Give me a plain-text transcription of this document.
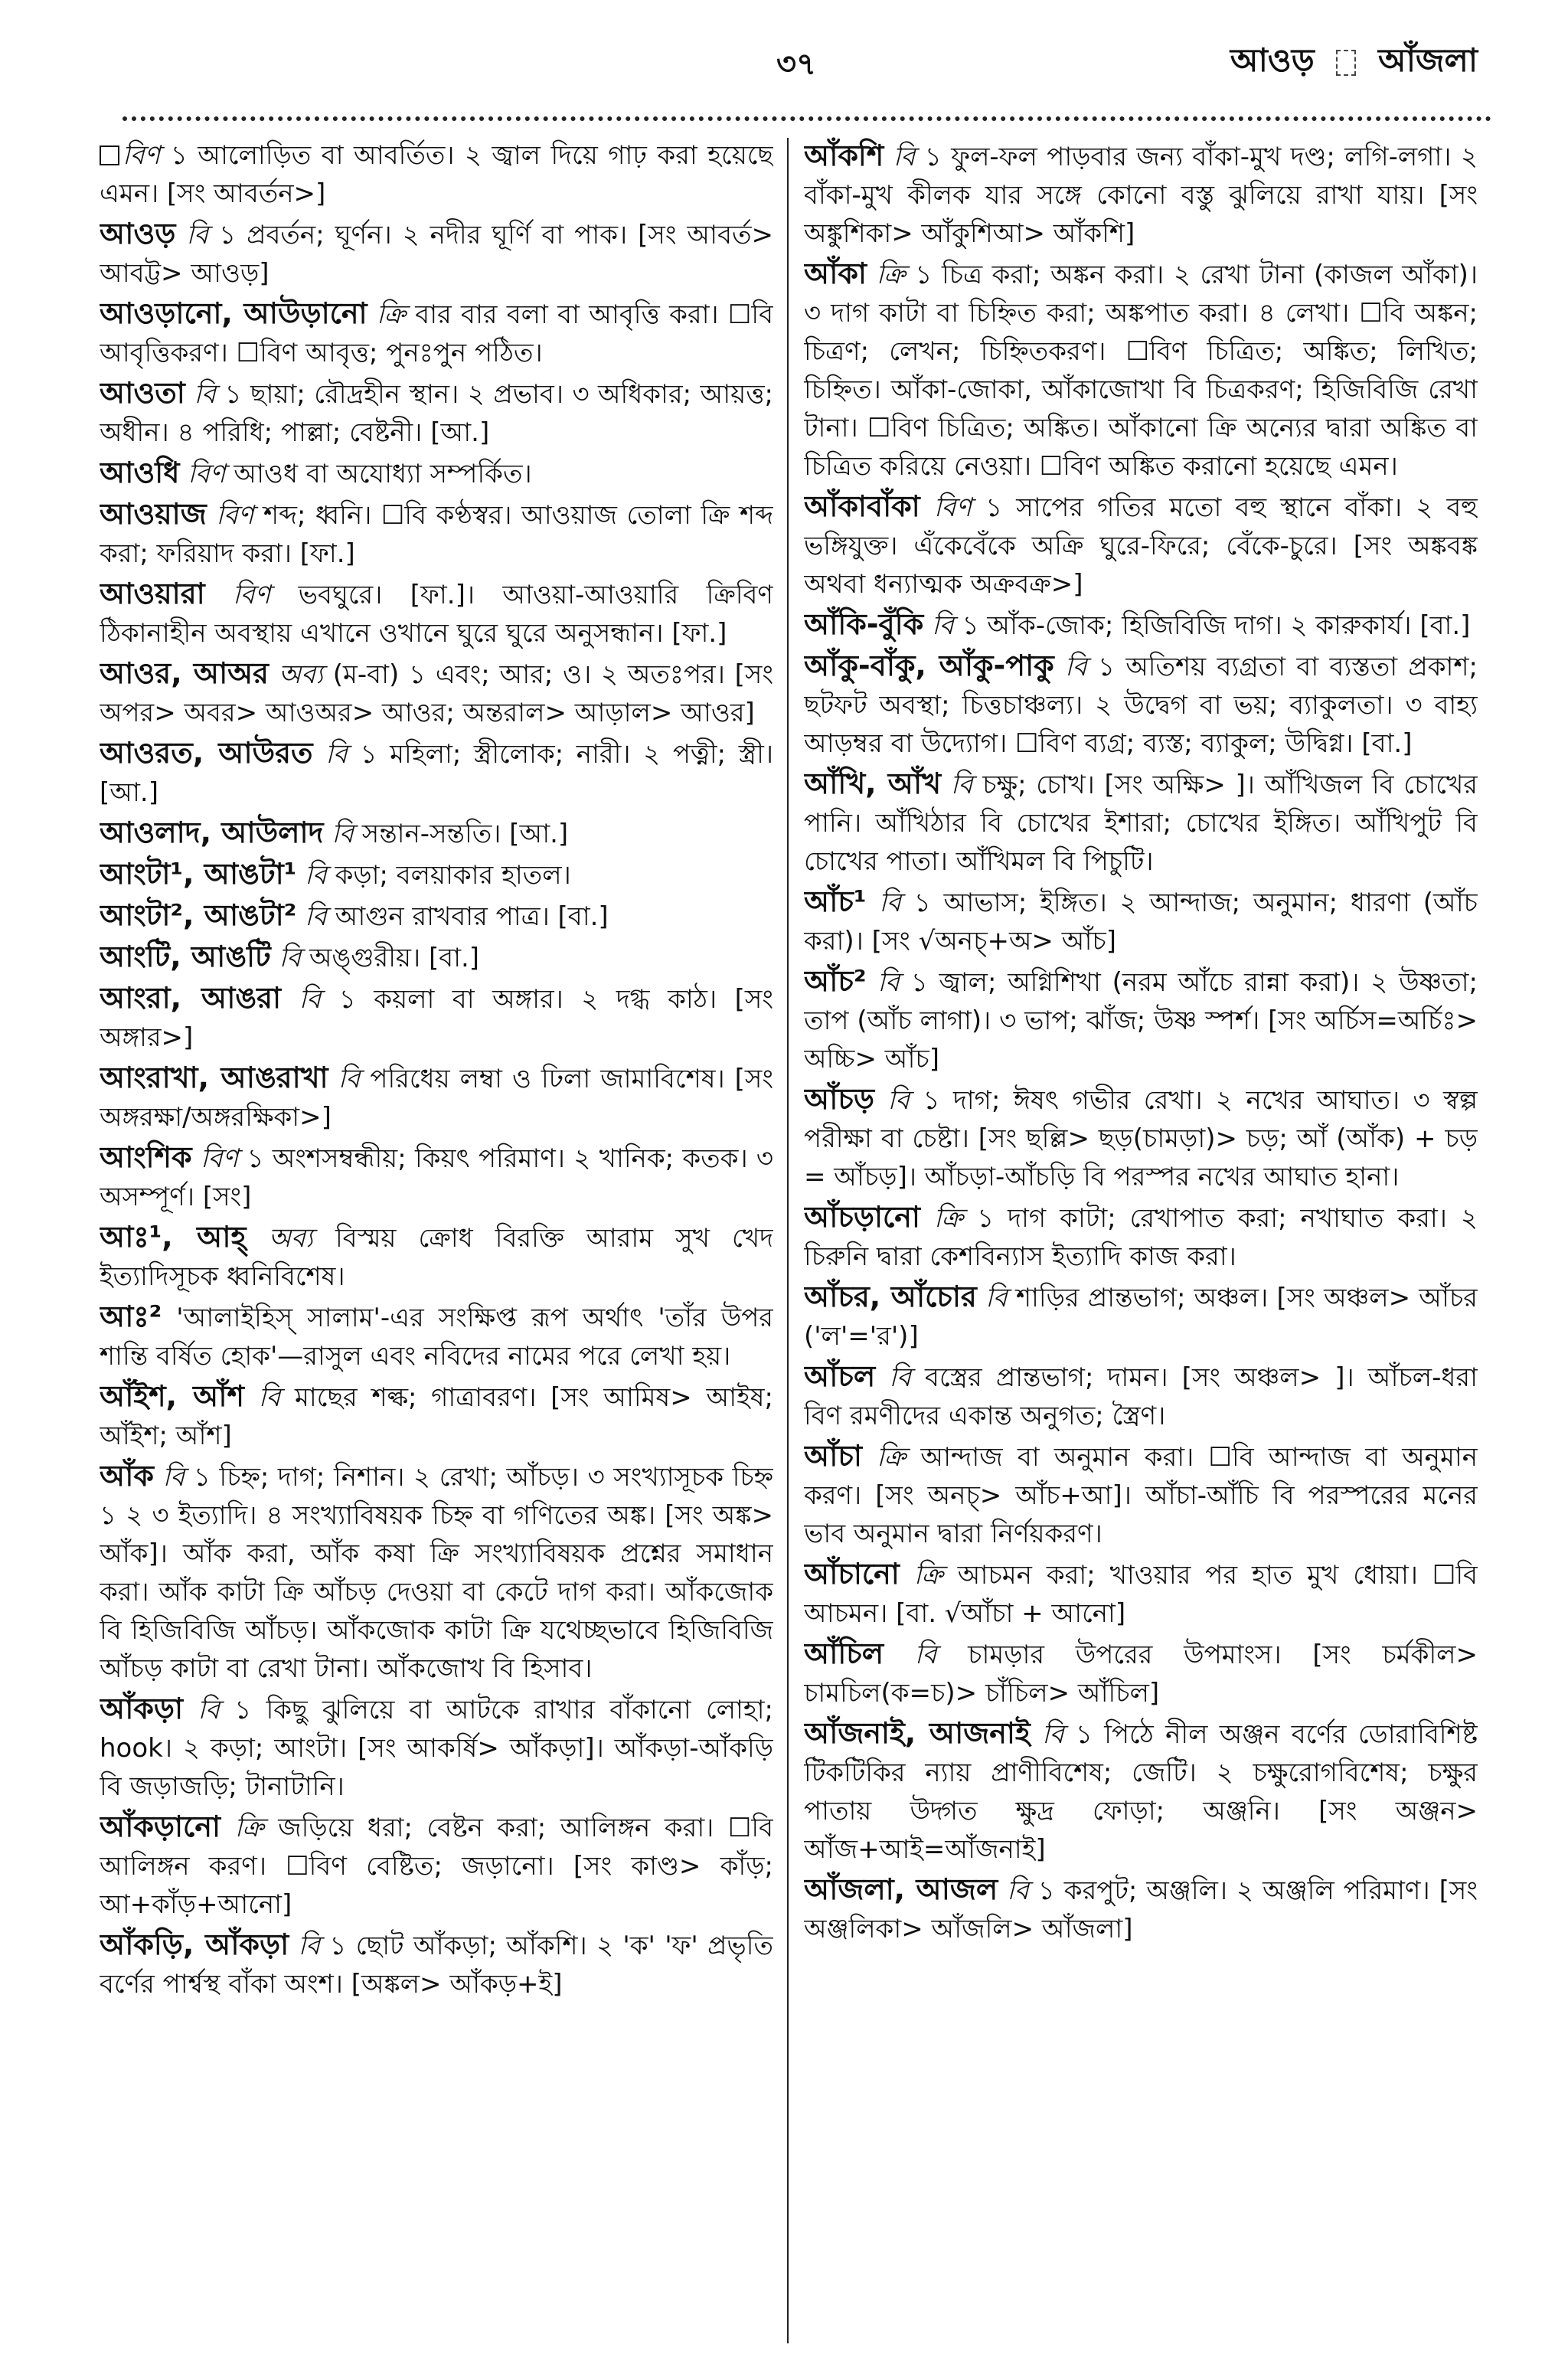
৩৭	আওড় আঁজলা

বিণ ১ আলোড়িত বা আবর্তিত। ২ জ্বাল দিয়ে গাঢ় করা হয়েছে এমন। [সং আবর্তন>]

আওড় বি ১ প্রবর্তন; ঘূর্ণন। ২ নদীর ঘূর্ণি বা পাক। [সং আবর্ত> আবট্ট> আওড়]

আওড়ানো, আউড়ানো ক্রি বার বার বলা বা আবৃত্তি করা। ☐বি আবৃত্তিকরণ। ☐বিণ আবৃত্ত; পুনঃপুন পঠিত।

আওতা বি ১ ছায়া; রৌদ্রহীন স্থান। ২ প্রভাব। ৩ অধিকার; আয়ত্ত; অধীন। ৪ পরিধি; পাল্লা; বেষ্টনী। [আ.]

আওধি বিণ আওধ বা অযোধ্যা সম্পর্কিত।

আওয়াজ বিণ শব্দ; ধ্বনি। ☐বি কণ্ঠস্বর। আওয়াজ তোলা ক্রি শব্দ করা; ফরিয়াদ করা। [ফা.]

আওয়ারা বিণ ভবঘুরে। [ফা.]। আওয়া-আওয়ারি ক্রিবিণ ঠিকানাহীন অবস্থায় এখানে ওখানে ঘুরে ঘুরে অনুসন্ধান। [ফা.]

আওর, আঅর অব্য (ম-বা) ১ এবং; আর; ও। ২ অতঃপর। [সং অপর> অবর> আওঅর> আওর; অন্তরাল> আড়াল> আওর]

আওরত, আউরত বি ১ মহিলা; স্ত্রীলোক; নারী। ২ পত্নী; স্ত্রী। [আ.]

আওলাদ, আউলাদ বি সন্তান-সন্ততি। [আ.]

আংটা¹, আঙটা¹ বি কড়া; বলয়াকার হাতল।

আংটা², আঙটা² বি আগুন রাখবার পাত্র। [বা.]

আংটি, আঙটি বি অঙ্গুরীয়। [বা.]

আংরা, আঙরা বি ১ কয়লা বা অঙ্গার। ২ দগ্ধ কাঠ। [সং অঙ্গার>]

আংরাখা, আঙরাখা বি পরিধেয় লম্বা ও ঢিলা জামাবিশেষ। [সং অঙ্গরক্ষা/অঙ্গরক্ষিকা>]

আংশিক বিণ ১ অংশসম্বন্ধীয়; কিয়ৎ পরিমাণ। ২ খানিক; কতক। ৩ অসম্পূর্ণ। [সং]

আঃ¹, আহ্ অব্য বিস্ময় ক্রোধ বিরক্তি আরাম সুখ খেদ ইত্যাদিসূচক ধ্বনিবিশেষ।

আঃ² 'আলাইহিস্ সালাম'-এর সংক্ষিপ্ত রূপ অর্থাৎ 'তাঁর উপর শান্তি বর্ষিত হোক'—রাসুল এবং নবিদের নামের পরে লেখা হয়।

আঁইশ, আঁশ বি মাছের শল্ক; গাত্রাবরণ। [সং আমিষ> আইষ; আঁইশ; আঁশ]

আঁক বি ১ চিহ্ন; দাগ; নিশান। ২ রেখা; আঁচড়। ৩ সংখ্যাসূচক চিহ্ন ১ ২ ৩ ইত্যাদি। ৪ সংখ্যাবিষয়ক চিহ্ন বা গণিতের অঙ্ক। [সং অঙ্ক> আঁক]। আঁক করা, আঁক কষা ক্রি সংখ্যাবিষয়ক প্রশ্নের সমাধান করা। আঁক কাটা ক্রি আঁচড় দেওয়া বা কেটে দাগ করা। আঁকজোক বি হিজিবিজি আঁচড়। আঁকজোক কাটা ক্রি যথেচ্ছভাবে হিজিবিজি আঁচড় কাটা বা রেখা টানা। আঁকজোখ বি হিসাব।

আঁকড়া বি ১ কিছু ঝুলিয়ে বা আটকে রাখার বাঁকানো লোহা; hook। ২ কড়া; আংটা। [সং আকর্ষি> আঁকড়া]। আঁকড়া-আঁকড়ি বি জড়াজড়ি; টানাটানি।

আঁকড়ানো ক্রি জড়িয়ে ধরা; বেষ্টন করা; আলিঙ্গন করা। ☐বি আলিঙ্গন করণ। ☐বিণ বেষ্টিত; জড়ানো। [সং কাণ্ড> কাঁড়; আ+কাঁড়+আনো]

আঁকড়ি, আঁকড়া বি ১ ছোট আঁকড়া; আঁকশি। ২ 'ক' 'ফ' প্রভৃতি বর্ণের পার্শ্বস্থ বাঁকা অংশ। [অঙ্কল> আঁকড়+ই]

আঁকশি বি ১ ফুল-ফল পাড়বার জন্য বাঁকা-মুখ দণ্ড; লগি-লগা। ২ বাঁকা-মুখ কীলক যার সঙ্গে কোনো বস্তু ঝুলিয়ে রাখা যায়। [সং অঙ্কুশিকা> আঁকুশিআ> আঁকশি]

আঁকা ক্রি ১ চিত্র করা; অঙ্কন করা। ২ রেখা টানা (কাজল আঁকা)। ৩ দাগ কাটা বা চিহ্নিত করা; অঙ্কপাত করা। ৪ লেখা। ☐বি অঙ্কন; চিত্রণ; লেখন; চিহ্নিতকরণ। ☐বিণ চিত্রিত; অঙ্কিত; লিখিত; চিহ্নিত। আঁকা-জোকা, আঁকাজোখা বি চিত্রকরণ; হিজিবিজি রেখা টানা। ☐বিণ চিত্রিত; অঙ্কিত। আঁকানো ক্রি অন্যের দ্বারা অঙ্কিত বা চিত্রিত করিয়ে নেওয়া। ☐বিণ অঙ্কিত করানো হয়েছে এমন।

আঁকাবাঁকা বিণ ১ সাপের গতির মতো বহু স্থানে বাঁকা। ২ বহু ভঙ্গিযুক্ত। এঁকেবেঁকে অক্রি ঘুরে-ফিরে; বেঁকে-চুরে। [সং অঙ্কবঙ্ক অথবা ধন্যাত্মক অক্রবক্র>]

আঁকি-বুঁকি বি ১ আঁক-জোক; হিজিবিজি দাগ। ২ কারুকার্য। [বা.]

আঁকু-বাঁকু, আঁকু-পাকু বি ১ অতিশয় ব্যগ্রতা বা ব্যস্ততা প্রকাশ; ছটফট অবস্থা; চিত্তচাঞ্চল্য। ২ উদ্বেগ বা ভয়; ব্যাকুলতা। ৩ বাহ্য আড়ম্বর বা উদ্যোগ। ☐বিণ ব্যগ্র; ব্যস্ত; ব্যাকুল; উদ্বিগ্ন। [বা.]

আঁখি, আঁখ বি চক্ষু; চোখ। [সং অক্ষি> ]। আঁখিজল বি চোখের পানি। আঁখিঠার বি চোখের ইশারা; চোখের ইঙ্গিত। আঁখিপুট বি চোখের পাতা। আঁখিমল বি পিচুটি।

আঁচ¹ বি ১ আভাস; ইঙ্গিত। ২ আন্দাজ; অনুমান; ধারণা (আঁচ করা)। [সং √অনচ্+অ> আঁচ]

আঁচ² বি ১ জ্বাল; অগ্নিশিখা (নরম আঁচে রান্না করা)। ২ উষ্ণতা; তাপ (আঁচ লাগা)। ৩ ভাপ; ঝাঁজ; উষ্ণ স্পর্শ। [সং অর্চিস=অর্চিঃ> অচ্চি> আঁচ]

আঁচড় বি ১ দাগ; ঈষৎ গভীর রেখা। ২ নখের আঘাত। ৩ স্বল্প পরীক্ষা বা চেষ্টা। [সং ছল্লি> ছড়(চামড়া)> চড়; আঁ (আঁক) + চড় = আঁচড়]। আঁচড়া-আঁচড়ি বি পরস্পর নখের আঘাত হানা।

আঁচড়ানো ক্রি ১ দাগ কাটা; রেখাপাত করা; নখাঘাত করা। ২ চিরুনি দ্বারা কেশবিন্যাস ইত্যাদি কাজ করা।

আঁচর, আঁচোর বি শাড়ির প্রান্তভাগ; অঞ্চল। [সং অঞ্চল> আঁচর ('ল'='র')]

আঁচল বি বস্ত্রের প্রান্তভাগ; দামন। [সং অঞ্চল> ]। আঁচল-ধরা বিণ রমণীদের একান্ত অনুগত; স্ত্রৈণ।

আঁচা ক্রি আন্দাজ বা অনুমান করা। ☐বি আন্দাজ বা অনুমান করণ। [সং অনচ্> আঁচ+আ]। আঁচা-আঁচি বি পরস্পরের মনের ভাব অনুমান দ্বারা নির্ণয়করণ।

আঁচানো ক্রি আচমন করা; খাওয়ার পর হাত মুখ ধোয়া। ☐বি আচমন। [বা. √আঁচা + আনো]

আঁচিল বি চামড়ার উপরের উপমাংস। [সং চর্মকীল> চামচিল(ক=চ)> চাঁচিল> আঁচিল]

আঁজনাই, আজনাই বি ১ পিঠে নীল অঞ্জন বর্ণের ডোরাবিশিষ্ট টিকটিকির ন্যায় প্রাণীবিশেষ; জেটি। ২ চক্ষুরোগবিশেষ; চক্ষুর পাতায় উদ্গত ক্ষুদ্র ফোড়া; অঞ্জনি। [সং অঞ্জন> আঁজ+আই=আঁজনাই]

আঁজলা, আজল বি ১ করপুট; অঞ্জলি। ২ অঞ্জলি পরিমাণ। [সং অঞ্জলিকা> আঁজলি> আঁজলা]
